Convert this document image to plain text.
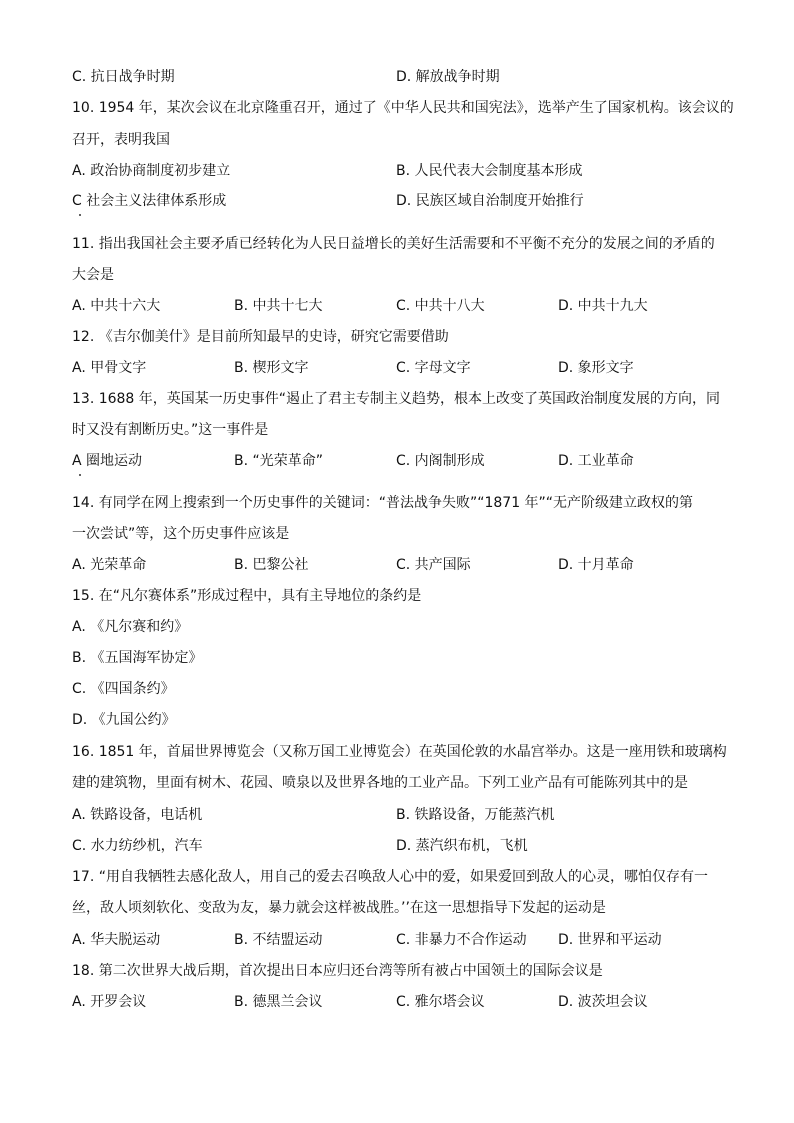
C. 抗日战争时期	D. 解放战争时期
10. 1954 年，某次会议在北京隆重召开，通过了《中华人民共和国宪法》，选举产生了国家机构。该会议的
召开，表明我国
A. 政治协商制度初步建立	B. 人民代表大会制度基本形成
C 社会主义法律体系形成	D. 民族区域自治制度开始推行
11. 指出我国社会主要矛盾已经转化为人民日益增长的美好生活需要和不平衡不充分的发展之间的矛盾的
大会是
A. 中共十六大	B. 中共十七大	C. 中共十八大	D. 中共十九大
12. 《吉尔伽美什》是目前所知最早的史诗，研究它需要借助
A. 甲骨文字	B. 楔形文字	C. 字母文字	D. 象形文字
13. 1688 年，英国某一历史事件“遏止了君主专制主义趋势，根本上改变了英国政治制度发展的方向，同
时又没有割断历史。”这一事件是
A 圈地运动	B. “光荣革命”	C. 内阁制形成	D. 工业革命
14. 有同学在网上搜索到一个历史事件的关键词：“普法战争失败”“1871 年”“无产阶级建立政权的第
一次尝试”等，这个历史事件应该是
A. 光荣革命	B. 巴黎公社	C. 共产国际	D. 十月革命
15. 在“凡尔赛体系”形成过程中，具有主导地位的条约是
A. 《凡尔赛和约》
B. 《五国海军协定》
C. 《四国条约》
D. 《九国公约》
16. 1851 年，首届世界博览会（又称万国工业博览会）在英国伦敦的水晶宫举办。这是一座用铁和玻璃构
建的建筑物，里面有树木、花园、喷泉以及世界各地的工业产品。下列工业产品有可能陈列其中的是
A. 铁路设备，电话机	B. 铁路设备，万能蒸汽机
C. 水力纺纱机，汽车	D. 蒸汽织布机，飞机
17. “用自我牺牲去感化敌人，用自己的爱去召唤敌人心中的爱，如果爱回到敌人的心灵，哪怕仅存有一
丝，敌人顷刻软化、变敌为友，暴力就会这样被战胜。’’在这一思想指导下发起的运动是
A. 华夫脱运动	B. 不结盟运动	C. 非暴力不合作运动 D. 世界和平运动
18. 第二次世界大战后期，首次提出日本应归还台湾等所有被占中国领土的国际会议是
A. 开罗会议	B. 德黑兰会议	C. 雅尔塔会议	D. 波茨坦会议
